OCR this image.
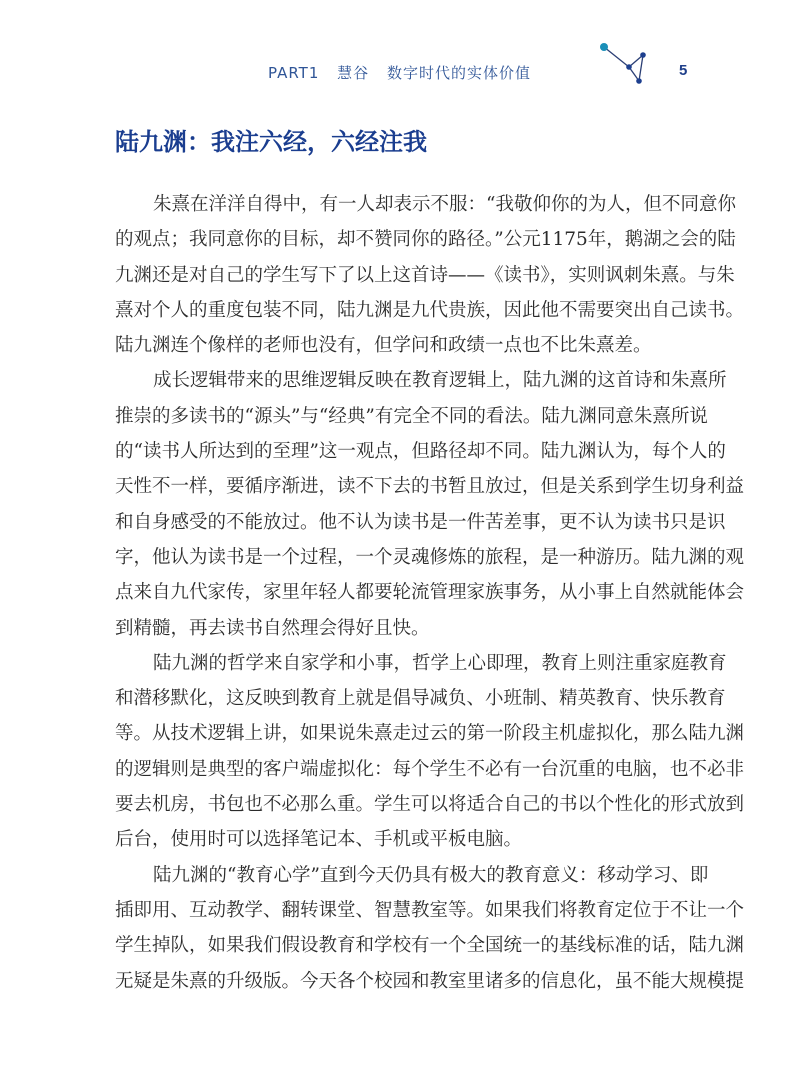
PART1 慧谷 数字时代的实体价值	5
陆九渊：我注六经，六经注我
朱熹在洋洋自得中，有一人却表示不服：“我敬仰你的为人，但不同意你
的观点；我同意你的目标，却不赞同你的路径。”公元1175年，鹅湖之会的陆
九渊还是对自己的学生写下了以上这首诗——《读书》，实则讽刺朱熹。与朱
熹对个人的重度包装不同，陆九渊是九代贵族，因此他不需要突出自己读书。
陆九渊连个像样的老师也没有，但学问和政绩一点也不比朱熹差。
成长逻辑带来的思维逻辑反映在教育逻辑上，陆九渊的这首诗和朱熹所
推崇的多读书的“源头”与“经典”有完全不同的看法。陆九渊同意朱熹所说
的“读书人所达到的至理”这一观点，但路径却不同。陆九渊认为，每个人的
天性不一样，要循序渐进，读不下去的书暂且放过，但是关系到学生切身利益
和自身感受的不能放过。他不认为读书是一件苦差事，更不认为读书只是识
字，他认为读书是一个过程，一个灵魂修炼的旅程，是一种游历。陆九渊的观
点来自九代家传，家里年轻人都要轮流管理家族事务，从小事上自然就能体会
到精髓，再去读书自然理会得好且快。
陆九渊的哲学来自家学和小事，哲学上心即理，教育上则注重家庭教育
和潜移默化，这反映到教育上就是倡导减负、小班制、精英教育、快乐教育
等。从技术逻辑上讲，如果说朱熹走过云的第一阶段主机虚拟化，那么陆九渊
的逻辑则是典型的客户端虚拟化：每个学生不必有一台沉重的电脑，也不必非
要去机房，书包也不必那么重。学生可以将适合自己的书以个性化的形式放到
后台，使用时可以选择笔记本、手机或平板电脑。
陆九渊的“教育心学”直到今天仍具有极大的教育意义：移动学习、即
插即用、互动教学、翻转课堂、智慧教室等。如果我们将教育定位于不让一个
学生掉队，如果我们假设教育和学校有一个全国统一的基线标准的话，陆九渊
无疑是朱熹的升级版。今天各个校园和教室里诸多的信息化，虽不能大规模提
